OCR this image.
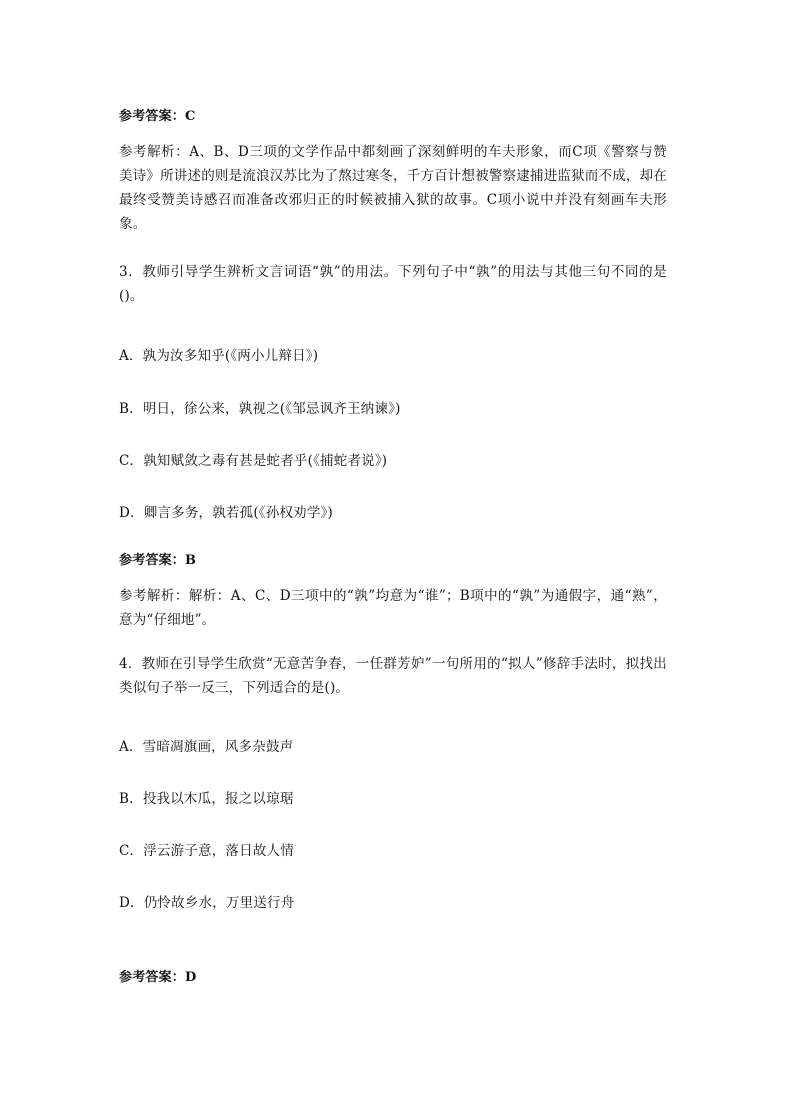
参考答案：C
参考解析：A、B、D三项的文学作品中都刻画了深刻鲜明的车夫形象，而C项《警察与赞美诗》所讲述的则是流浪汉苏比为了熬过寒冬，千方百计想被警察逮捕进监狱而不成，却在最终受赞美诗感召而准备改邪归正的时候被捕入狱的故事。C项小说中并没有刻画车夫形象。
3．教师引导学生辨析文言词语“孰”的用法。下列句子中“孰”的用法与其他三句不同的是()。
A．孰为汝多知乎(《两小儿辩日》)
B．明日，徐公来，孰视之(《邹忌讽齐王纳谏》)
C．孰知赋敛之毒有甚是蛇者乎(《捕蛇者说》)
D．卿言多务，孰若孤(《孙权劝学》)
参考答案：B
参考解析：解析：A、C、D三项中的“孰”均意为“谁”；B项中的“孰”为通假字，通“熟”，意为“仔细地”。
4．教师在引导学生欣赏“无意苦争春，一任群芳妒”一句所用的“拟人”修辞手法时，拟找出类似句子举一反三，下列适合的是()。
A．雪暗凋旗画，风多杂鼓声
B．投我以木瓜，报之以琼琚
C．浮云游子意，落日故人情
D．仍怜故乡水，万里送行舟
参考答案：D
